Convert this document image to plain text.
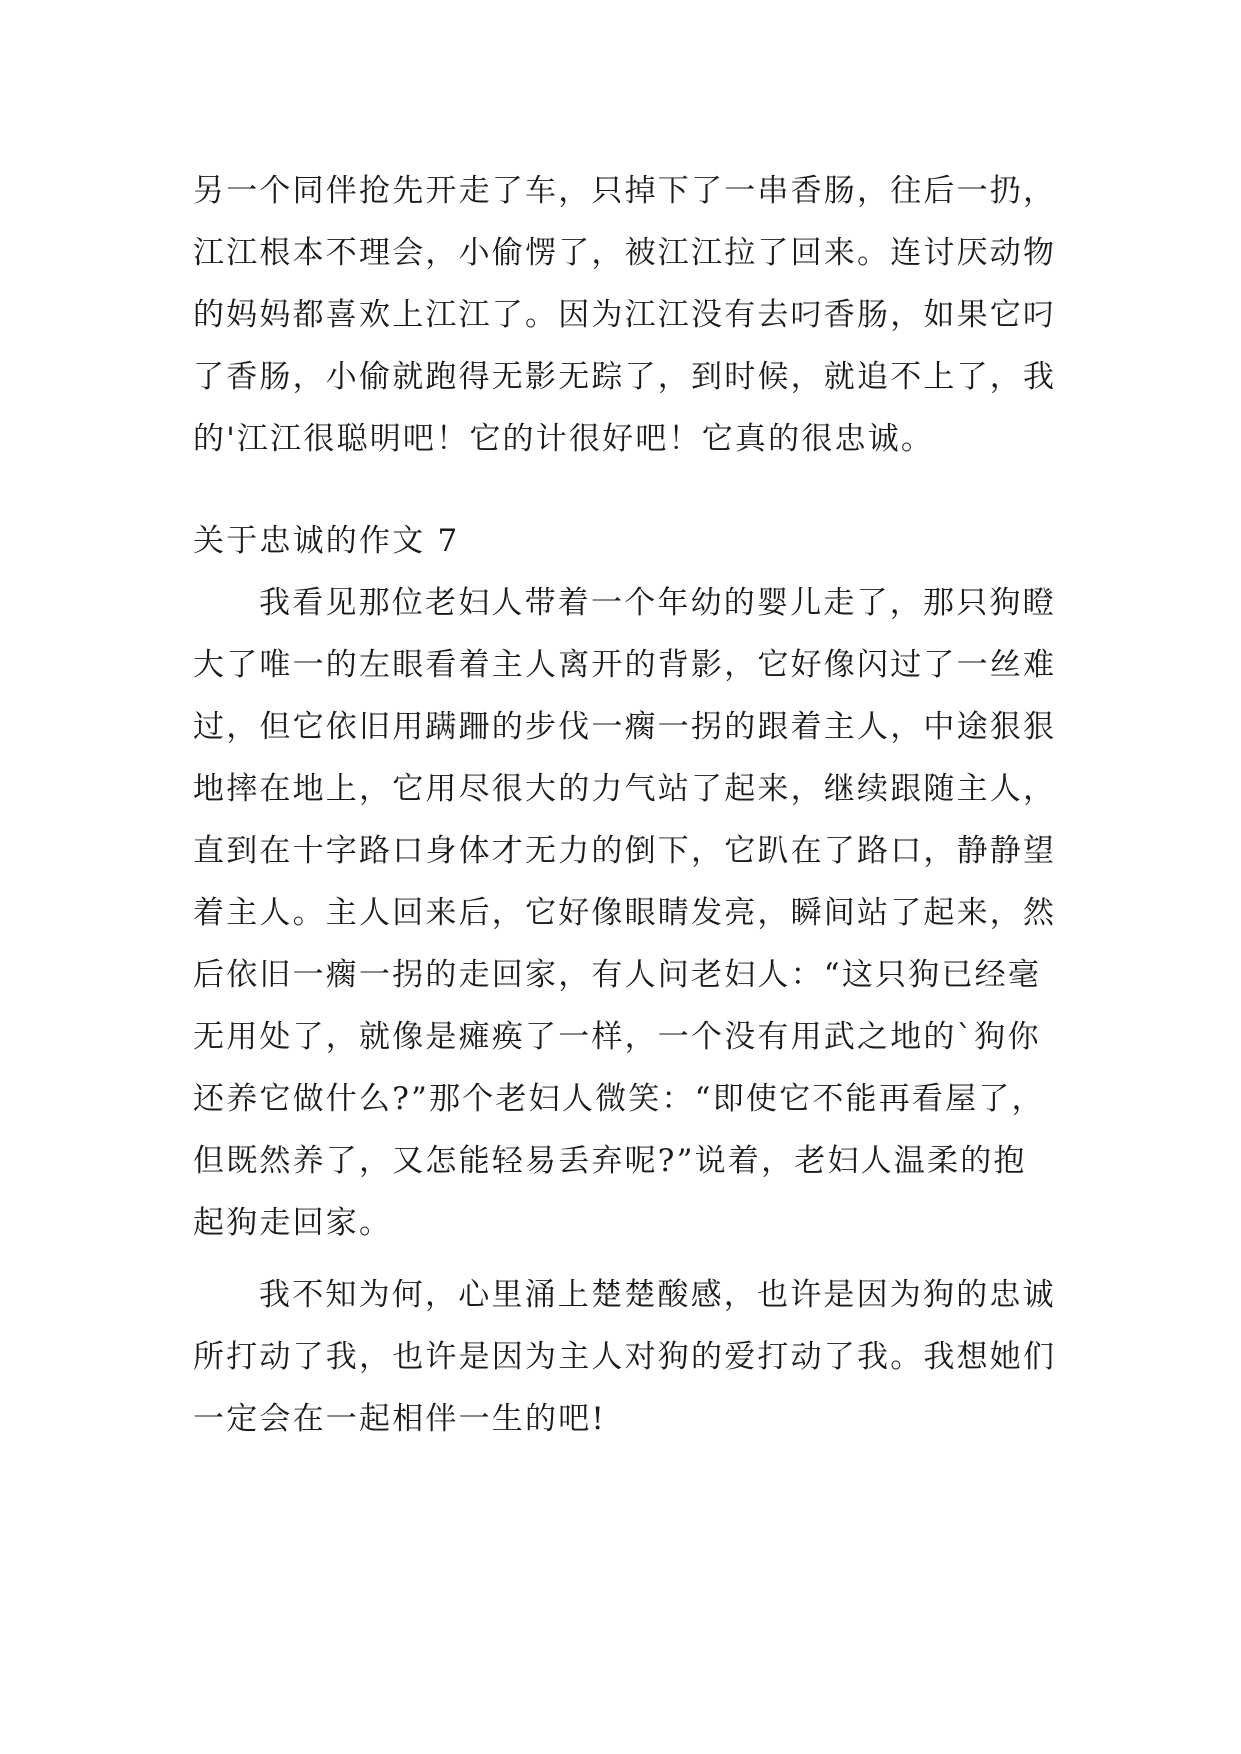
另一个同伴抢先开走了车，只掉下了一串香肠，往后一扔，
江江根本不理会，小偷愣了，被江江拉了回来。连讨厌动物
的妈妈都喜欢上江江了。因为江江没有去叼香肠，如果它叼
了香肠，小偷就跑得无影无踪了，到时候，就追不上了，我
的'江江很聪明吧！它的计很好吧！它真的很忠诚。
关于忠诚的作文 7
我看见那位老妇人带着一个年幼的婴儿走了，那只狗瞪
大了唯一的左眼看着主人离开的背影，它好像闪过了一丝难
过，但它依旧用蹒跚的步伐一瘸一拐的跟着主人，中途狠狠
地摔在地上，它用尽很大的力气站了起来，继续跟随主人，
直到在十字路口身体才无力的倒下，它趴在了路口，静静望
着主人。主人回来后，它好像眼睛发亮，瞬间站了起来，然
后依旧一瘸一拐的走回家，有人问老妇人：“这只狗已经毫
无用处了，就像是瘫痪了一样，一个没有用武之地的`狗你
还养它做什么?”那个老妇人微笑：“即使它不能再看屋了，
但既然养了，又怎能轻易丢弃呢?”说着，老妇人温柔的抱
起狗走回家。
我不知为何，心里涌上楚楚酸感，也许是因为狗的忠诚
所打动了我，也许是因为主人对狗的爱打动了我。我想她们
一定会在一起相伴一生的吧!
